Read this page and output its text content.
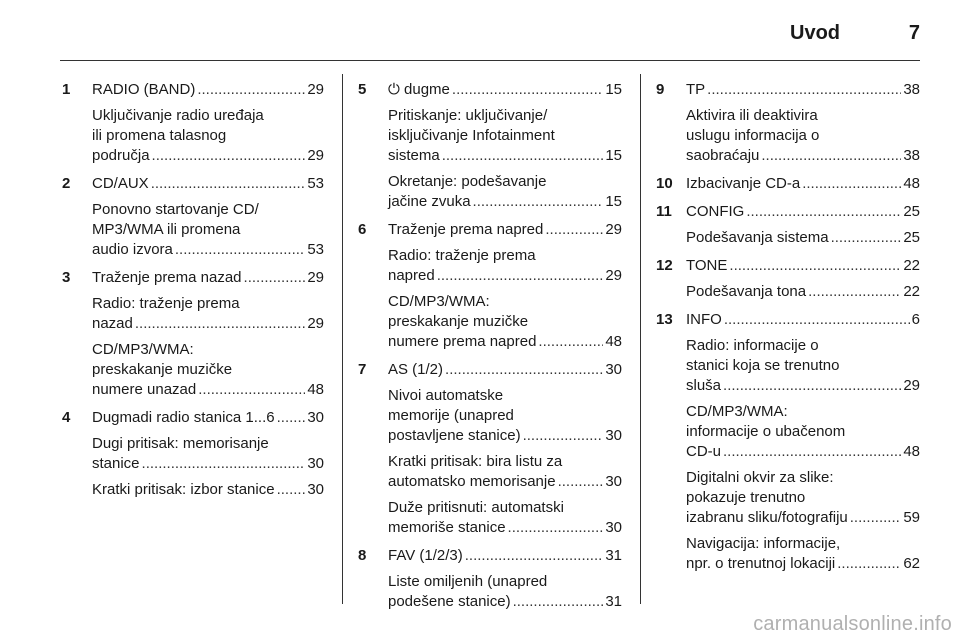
Uvod	7
1 RADIO (BAND) .....	29
Uključivanje radio uređaja
ili promena talasnog
područja .....	29
2 CD/AUX .....	53
Ponovno startovanje CD/
MP3/WMA ili promena
audio izvora .....	53
3 Traženje prema nazad .....	29
Radio: traženje prema
nazad .....	29
CD/MP3/WMA:
preskakanje muzičke
numere unazad .....	48
4 Dugmadi radio stanica 1...6 ..... 30
Dugi pritisak: memorisanje
stanice .....	30
Kratki pritisak: izbor stanice ..... 30
5 ⏻ dugme .....	15
Pritiskanje: uključivanje/
isključivanje Infotainment
sistema .....	15
Okretanje: podešavanje
jačine zvuka .....	15
6 Traženje prema napred .....	29
Radio: traženje prema
napred .....	29
CD/MP3/WMA:
preskakanje muzičke
numere prema napred .....	48
7 AS (1/2) .....	30
Nivoi automatske
memorije (unapred
postavljene stanice) .....	30
Kratki pritisak: bira listu za
automatsko memorisanje .....	30
Duže pritisnuti: automatski
memoriše stanice .....	30
8 FAV (1/2/3) .....	31
Liste omiljenih (unapred
podešene stanice) .....	31
9 TP .....	38
Aktivira ili deaktivira
uslugu informacija o
saobraćaju .....	38
10 Izbacivanje CD-a .....	48
11 CONFIG .....	25
Podešavanja sistema .....	25
12 TONE .....	22
Podešavanja tona .....	22
13 INFO .....	6
Radio: informacije o
stanici koja se trenutno
sluša .....	29
CD/MP3/WMA:
informacije o ubačenom
CD-u .....	48
Digitalni okvir za slike:
pokazuje trenutno
izabranu sliku/fotografiju .....	59
Navigacija: informacije,
npr. o trenutnoj lokaciji .....	62
carmanualsonline.info
